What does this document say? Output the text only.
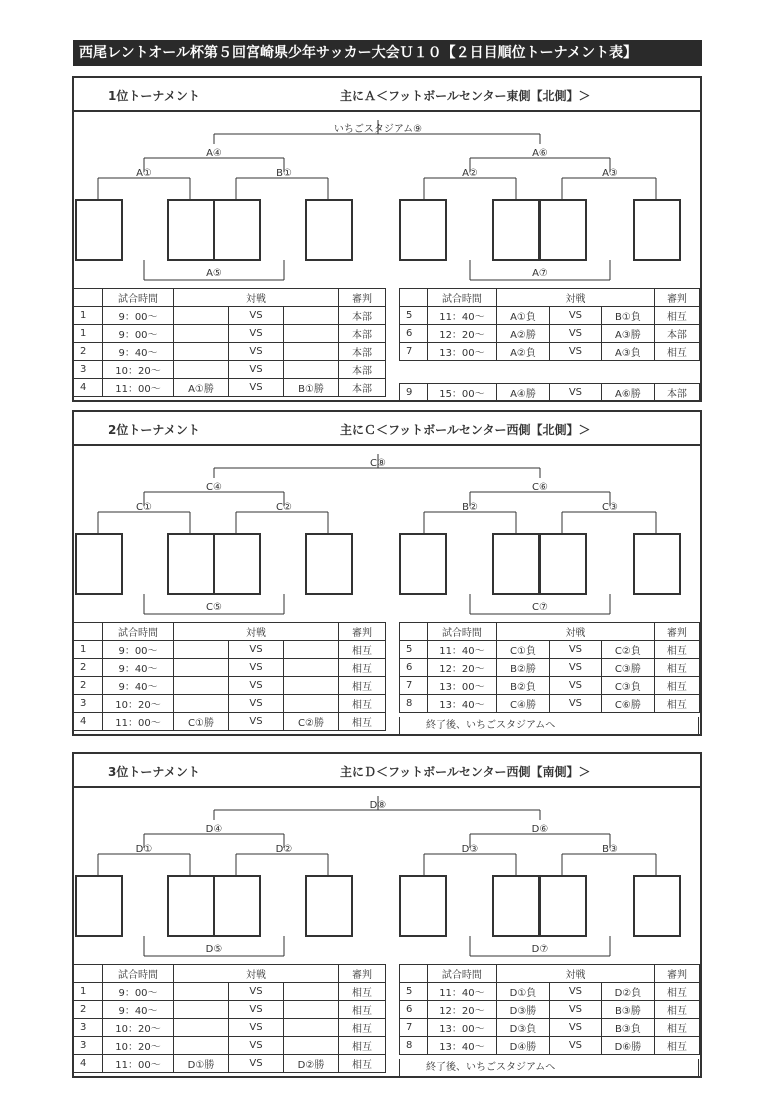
西尾レントオール杯第５回宮崎県少年サッカー大会Ｕ１０【２日目順位トーナメント表】
1位トーナメント	主にＡ＜フットボールセンター東側【北側】＞
いちごスタジアム⑨
A④	A⑥
A①	B①	A②	A③
A⑤	A⑦
	試合時間	対戦			審判
1	9：00～		VS		本部
1	9：00～		VS		本部
2	9：40～		VS		本部
3	10：20～		VS		本部
4	11：00～	A①勝	VS	B①勝	本部
	試合時間	対戦			審判
5	11：40～	A①負	VS	B①負	相互
6	12：20～	A②勝	VS	A③勝	本部
7	13：00～	A②負	VS	A③負	相互
9	15：00～	A④勝	VS	A⑥勝	本部
2位トーナメント	主にＣ＜フットボールセンター西側【北側】＞
C⑧
C④	C⑥
C①	C②	B②	C③
C⑤	C⑦
	試合時間	対戦			審判
1	9：00～		VS		相互
2	9：40～		VS		相互
2	9：40～		VS		相互
3	10：20～		VS		相互
4	11：00～	C①勝	VS	C②勝	相互
	試合時間	対戦			審判
5	11：40～	C①負	VS	C②負	相互
6	12：20～	B②勝	VS	C③勝	相互
7	13：00～	B②負	VS	C③負	相互
8	13：40～	C④勝	VS	C⑥勝	相互
終了後、いちごスタジアムへ
3位トーナメント	主にＤ＜フットボールセンター西側【南側】＞
D⑧
D④	D⑥
D①	D②	D③	B③
D⑤	D⑦
	試合時間	対戦			審判
1	9：00～		VS		相互
2	9：40～		VS		相互
3	10：20～		VS		相互
3	10：20～		VS		相互
4	11：00～	D①勝	VS	D②勝	相互
	試合時間	対戦			審判
5	11：40～	D①負	VS	D②負	相互
6	12：20～	D③勝	VS	B③勝	相互
7	13：00～	D③負	VS	B③負	相互
8	13：40～	D④勝	VS	D⑥勝	相互
終了後、いちごスタジアムへ
